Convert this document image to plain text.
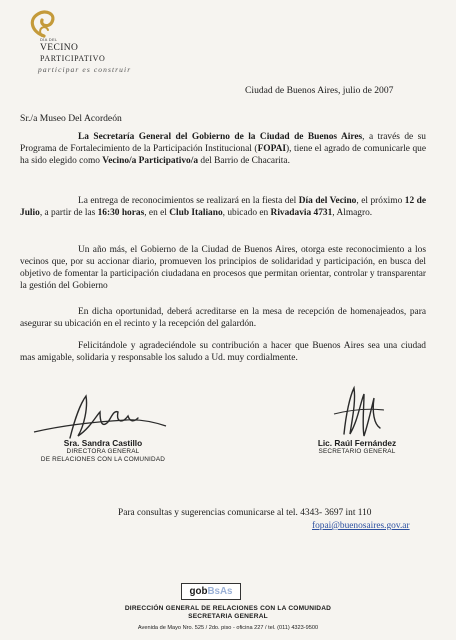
DÍA DEL
VECINO
PARTICIPATIVO
participar es construir
Ciudad de Buenos Aires, julio de 2007
Sr./a Museo Del Acordeón

La Secretaría General del Gobierno de la Ciudad de Buenos Aires, a través de su Programa de Fortalecimiento de la Participación Institucional (FOPAI), tiene el agrado de comunicarle que ha sido elegido como Vecino/a Participativo/a del Barrio de Chacarita.

La entrega de reconocimientos se realizará en la fiesta del Día del Vecino, el próximo 12 de Julio, a partir de las 16:30 horas, en el Club Italiano, ubicado en Rivadavia 4731, Almagro.

Un año más, el Gobierno de la Ciudad de Buenos Aires, otorga este reconocimiento a los vecinos que, por su accionar diario, promueven los principios de solidaridad y participación, en busca del objetivo de fomentar la participación ciudadana en procesos que permitan orientar, controlar y transparentar la gestión del Gobierno

En dicha oportunidad, deberá acreditarse en la mesa de recepción de homenajeados, para asegurar su ubicación en el recinto y la recepción del galardón.

Felicitándole y agradeciéndole su contribución a hacer que Buenos Aires sea una ciudad mas amigable, solidaria y responsable los saludo a Ud. muy cordialmente.

Sra. Sandra Castillo
DIRECTORA GENERAL
DE RELACIONES CON LA COMUNIDAD
Lic. Raúl Fernández
SECRETARIO GENERAL
Para consultas y sugerencias comunicarse al tel. 4343- 3697 int 110
fopai@buenosaires.gov.ar
gobBsAs
DIRECCIÓN GENERAL DE RELACIONES CON LA COMUNIDAD
SECRETARIA GENERAL
Avenida de Mayo Nro. 525 / 2do. piso - oficina 227 / tel. (011) 4323-9500
